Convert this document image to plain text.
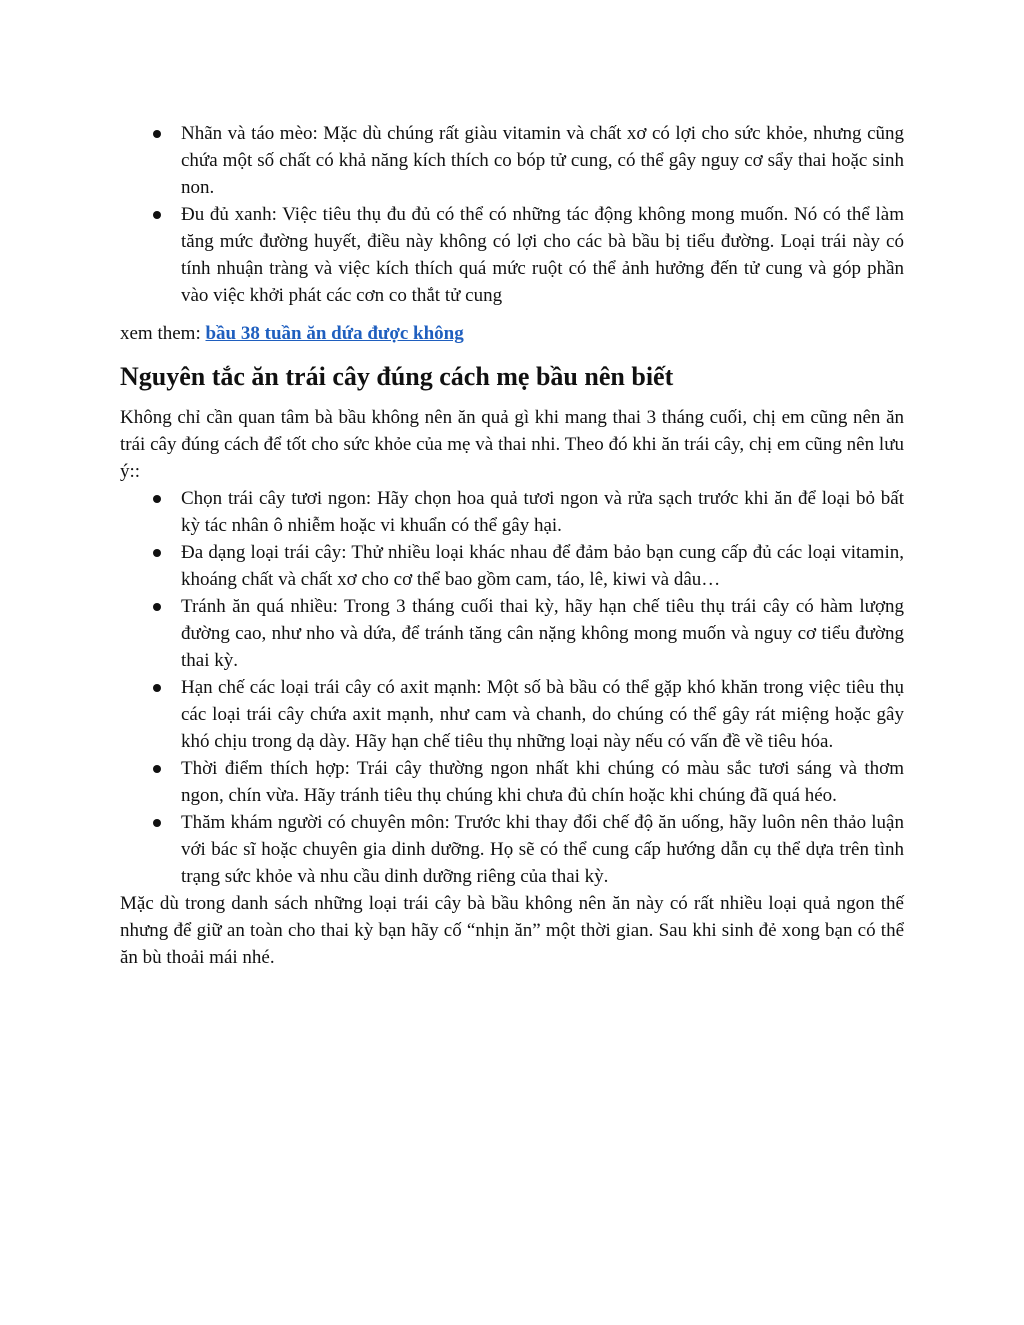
Nhãn và táo mèo: Mặc dù chúng rất giàu vitamin và chất xơ có lợi cho sức khỏe, nhưng cũng chứa một số chất có khả năng kích thích co bóp tử cung, có thể gây nguy cơ sẩy thai hoặc sinh non.
Đu đủ xanh: Việc tiêu thụ đu đủ có thể có những tác động không mong muốn. Nó có thể làm tăng mức đường huyết, điều này không có lợi cho các bà bầu bị tiểu đường. Loại trái này có tính nhuận tràng và việc kích thích quá mức ruột có thể ảnh hưởng đến tử cung và góp phần vào việc khởi phát các cơn co thắt tử cung

xem them: bầu 38 tuần ăn dứa được không

Nguyên tắc ăn trái cây đúng cách mẹ bầu nên biết

Không chỉ cần quan tâm bà bầu không nên ăn quả gì khi mang thai 3 tháng cuối, chị em cũng nên ăn trái cây đúng cách để tốt cho sức khỏe của mẹ và thai nhi. Theo đó khi ăn trái cây, chị em cũng nên lưu ý::

Chọn trái cây tươi ngon: Hãy chọn hoa quả tươi ngon và rửa sạch trước khi ăn để loại bỏ bất kỳ tác nhân ô nhiễm hoặc vi khuẩn có thể gây hại.
Đa dạng loại trái cây: Thử nhiều loại khác nhau để đảm bảo bạn cung cấp đủ các loại vitamin, khoáng chất và chất xơ cho cơ thể bao gồm cam, táo, lê, kiwi và dâu…
Tránh ăn quá nhiều: Trong 3 tháng cuối thai kỳ, hãy hạn chế tiêu thụ trái cây có hàm lượng đường cao, như nho và dứa, để tránh tăng cân nặng không mong muốn và nguy cơ tiểu đường thai kỳ.
Hạn chế các loại trái cây có axit mạnh: Một số bà bầu có thể gặp khó khăn trong việc tiêu thụ các loại trái cây chứa axit mạnh, như cam và chanh, do chúng có thể gây rát miệng hoặc gây khó chịu trong dạ dày. Hãy hạn chế tiêu thụ những loại này nếu có vấn đề về tiêu hóa.
Thời điểm thích hợp: Trái cây thường ngon nhất khi chúng có màu sắc tươi sáng và thơm ngon, chín vừa. Hãy tránh tiêu thụ chúng khi chưa đủ chín hoặc khi chúng đã quá héo.
Thăm khám người có chuyên môn: Trước khi thay đổi chế độ ăn uống, hãy luôn nên thảo luận với bác sĩ hoặc chuyên gia dinh dưỡng. Họ sẽ có thể cung cấp hướng dẫn cụ thể dựa trên tình trạng sức khỏe và nhu cầu dinh dưỡng riêng của thai kỳ.

Mặc dù trong danh sách những loại trái cây bà bầu không nên ăn này có rất nhiều loại quả ngon thế nhưng để giữ an toàn cho thai kỳ bạn hãy cố “nhịn ăn” một thời gian. Sau khi sinh đẻ xong bạn có thể ăn bù thoải mái nhé.
